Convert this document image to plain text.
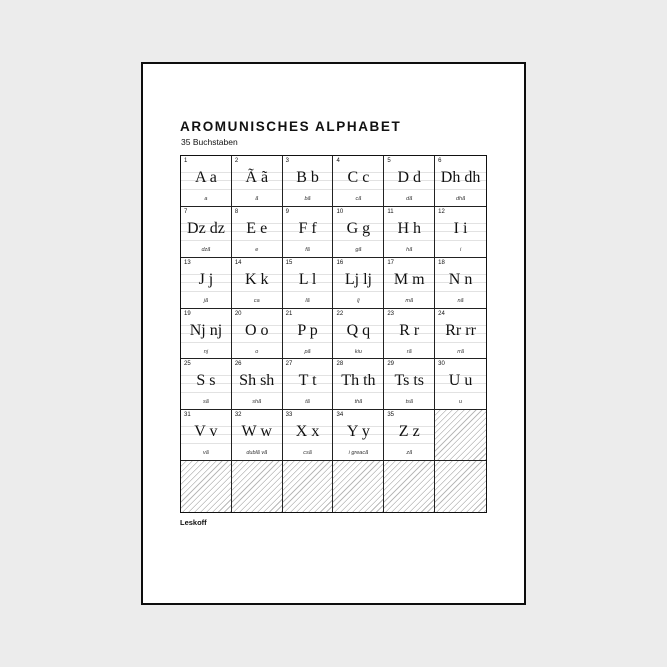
AROMUNISCHES ALPHABET
35 Buchstaben
1
A a
a
2
Ã ã
ã
3
B b
bã
4
C c
cã
5
D d
dã
6
Dh dh
dhã
7
Dz dz
dzã
8
E e
e
9
F f
fã
10
G g
gã
11
H h
hã
12
I i
i
13
J j
jã
14
K k
ca
15
L l
lã
16
Lj lj
lj
17
M m
mã
18
N n
nã
19
Nj nj
nj
20
O o
o
21
P p
pã
22
Q q
kiu
23
R r
rã
24
Rr rr
rrã
25
S s
sã
26
Sh sh
shã
27
T t
tã
28
Th th
thã
29
Ts ts
tsã
30
U u
u
31
V v
vã
32
W w
dublã vã
33
X x
csã
34
Y y
i greacã
35
Z z
zã
Leskoff
